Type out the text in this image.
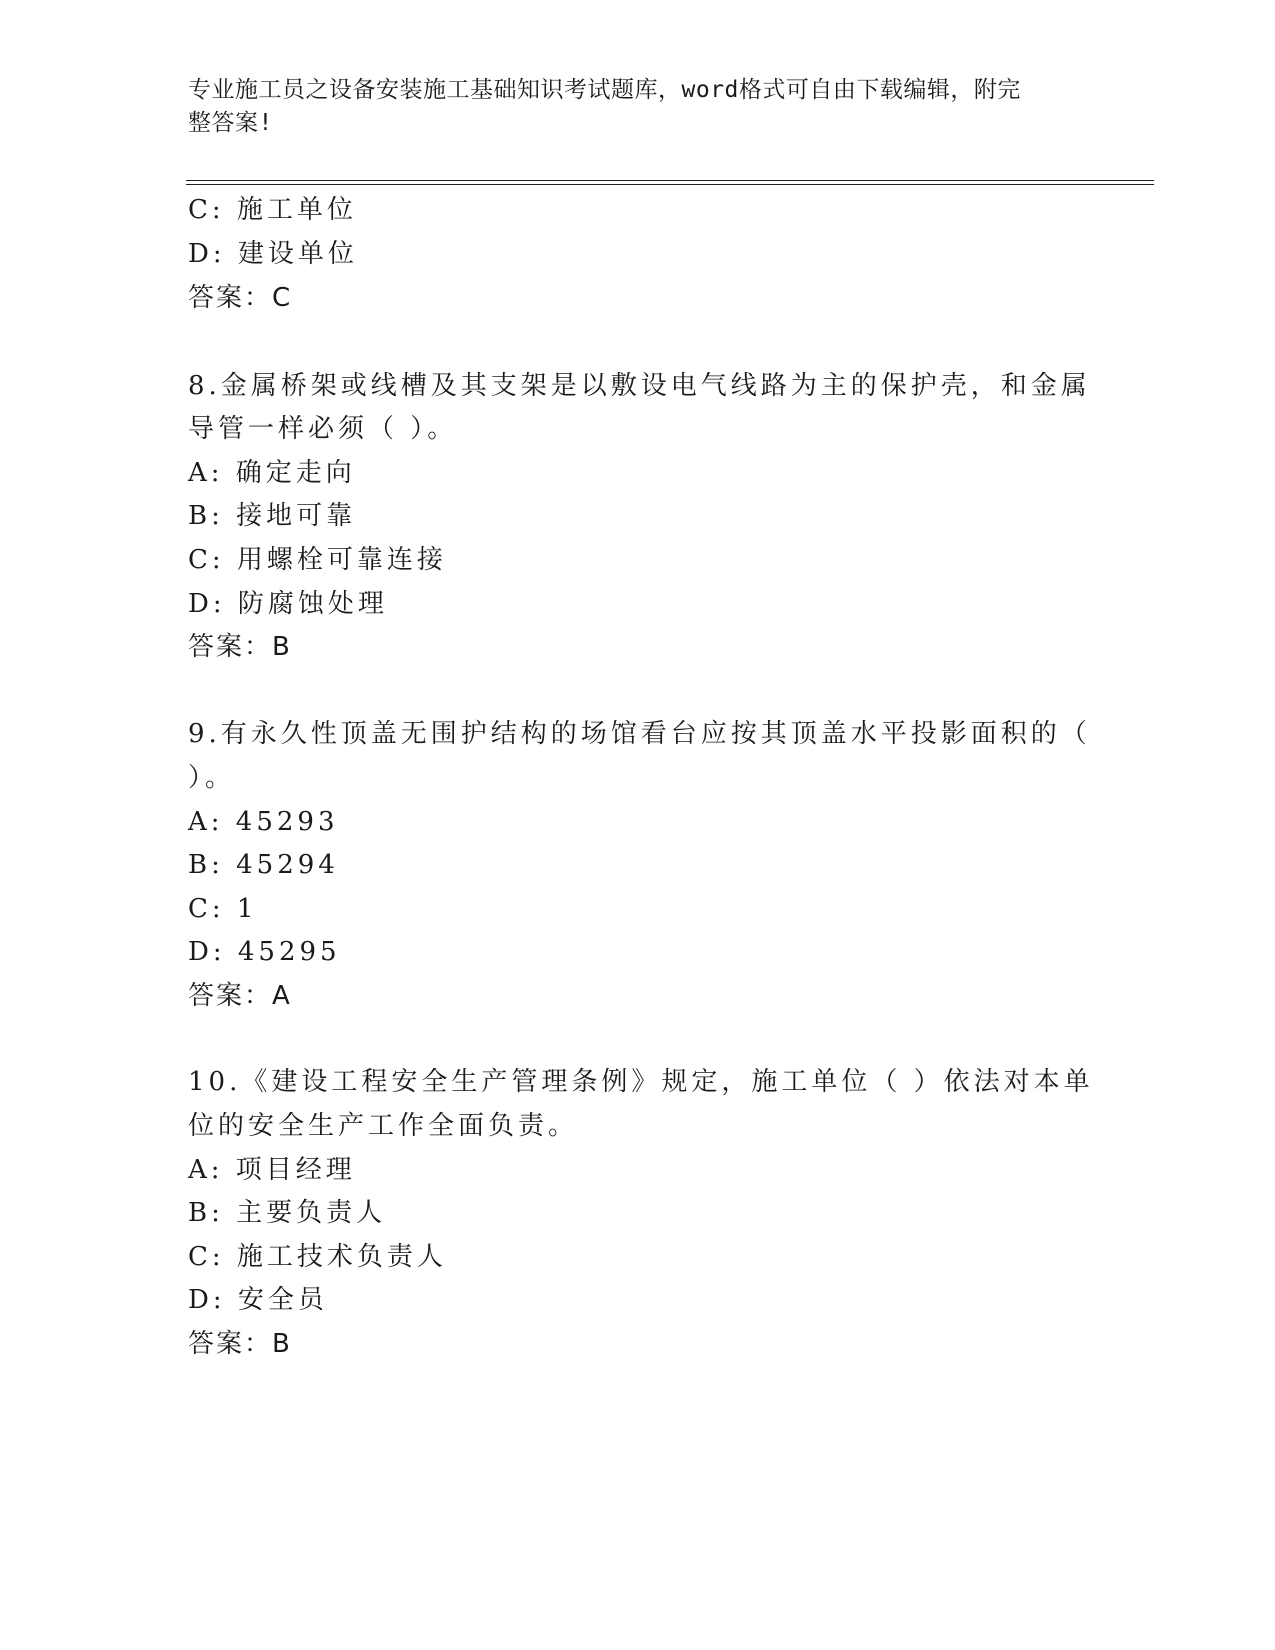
专业施工员之设备安装施工基础知识考试题库，word格式可自由下载编辑，附完
整答案!
C: 施工单位
D: 建设单位
答案：C
8.金属桥架或线槽及其支架是以敷设电气线路为主的保护壳，和金属
导管一样必须（ ）。
A: 确定走向
B: 接地可靠
C: 用螺栓可靠连接
D: 防腐蚀处理
答案：B
9.有永久性顶盖无围护结构的场馆看台应按其顶盖水平投影面积的（
）。
A: 45293
B: 45294
C: 1
D: 45295
答案：A
10.《建设工程安全生产管理条例》规定，施工单位（ ）依法对本单
位的安全生产工作全面负责。
A: 项目经理
B: 主要负责人
C: 施工技术负责人
D: 安全员
答案：B
